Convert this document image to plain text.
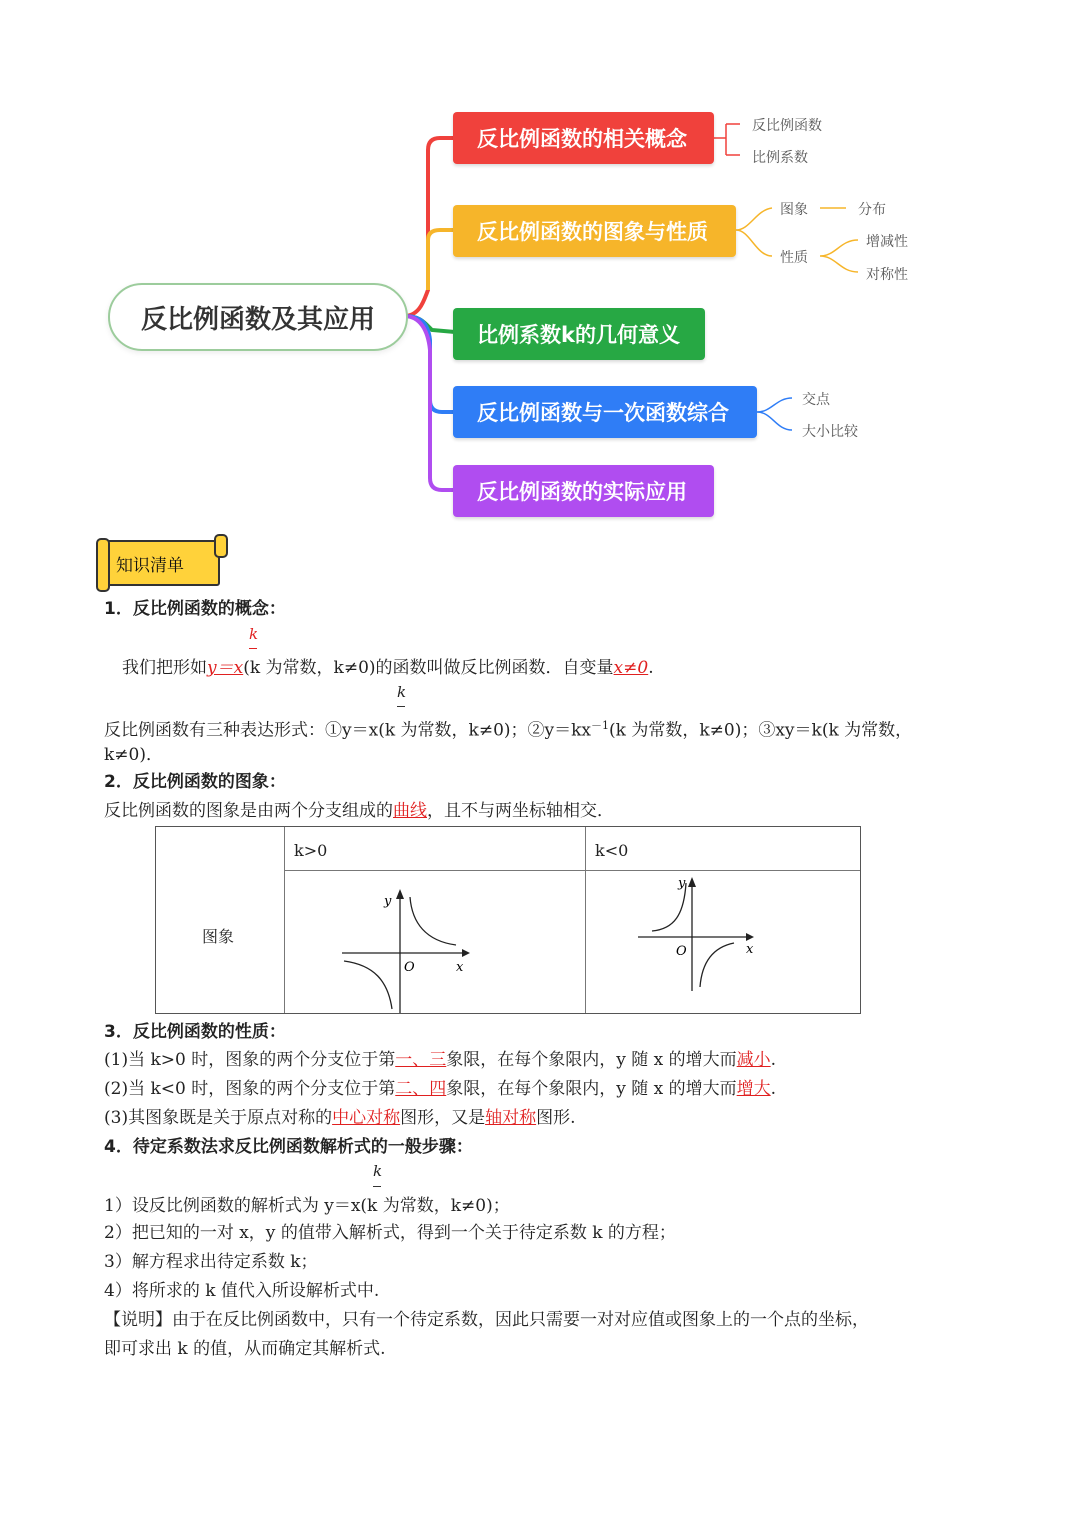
反比例函数及其应用
反比例函数的相关概念
反比例函数的图象与性质
比例系数k的几何意义
反比例函数与一次函数综合
反比例函数的实际应用
反比例函数
比例系数
图象	分布
性质
增减性
对称性
交点
大小比较
知识清单
1．反比例函数的概念：
k
我们把形如y＝x(k 为常数，k≠0)的函数叫做反比例函数．自变量x≠0.
k
反比例函数有三种表达形式：①y＝x(k 为常数，k≠0)；$②y=kx^{-1}(k$ 为常数，k≠0)；③xy＝k(k 为常数，
k≠0)．
2．反比例函数的图象：
反比例函数的图象是由两个分支组成的曲线，且不与两坐标轴相交．
图象
k>0	k<0
y
O	x
y
O	x
3．反比例函数的性质：
(1)当 k>0 时，图象的两个分支位于第一、三象限，在每个象限内，y 随 x 的增大而减小.
(2)当 k<0 时，图象的两个分支位于第二、四象限，在每个象限内，y 随 x 的增大而增大.
(3)其图象既是关于原点对称的中心对称图形，又是轴对称图形.
4．待定系数法求反比例函数解析式的一般步骤：
k
1）设反比例函数的解析式为 y＝x(k 为常数，k≠0)；
2）把已知的一对 x，y 的值带入解析式，得到一个关于待定系数 k 的方程；
3）解方程求出待定系数 k；
4）将所求的 k 值代入所设解析式中.
【说明】由于在反比例函数中，只有一个待定系数，因此只需要一对对应值或图象上的一个点的坐标，
即可求出 k 的值，从而确定其解析式.
